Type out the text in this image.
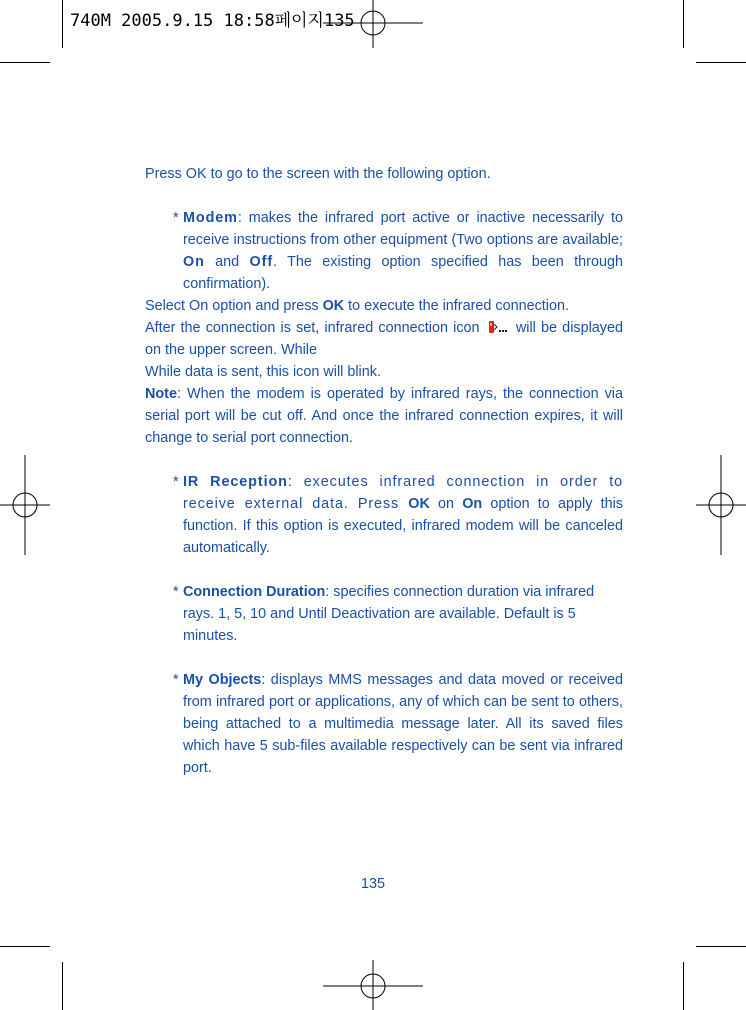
740M 2005.9.15 18:58페이지135

Press OK to go to the screen with the following option.

* Modem: makes the infrared port active or inactive necessarily to receive instructions from other equipment (Two options are available; On and Off. The existing option specified has been through confirmation).

Select On option and press OK to execute the infrared connection.

After the connection is set, infrared connection icon  will be displayed on the upper screen. While

While data is sent, this icon will blink.

Note: When the modem is operated by infrared rays, the connection via serial port will be cut off. And once the infrared connection expires, it will change to serial port connection.

* IR Reception: executes infrared connection in order to receive external data. Press OK on On option to apply this function. If this option is executed, infrared modem will be canceled automatically.

* Connection Duration: specifies connection duration via infrared rays. 1, 5, 10 and Until Deactivation are available. Default is 5 minutes.

* My Objects: displays MMS messages and data moved or received from infrared port or applications, any of which can be sent to others, being attached to a multimedia message later. All its saved files which have 5 sub-files available respectively can be sent via infrared port.

135
